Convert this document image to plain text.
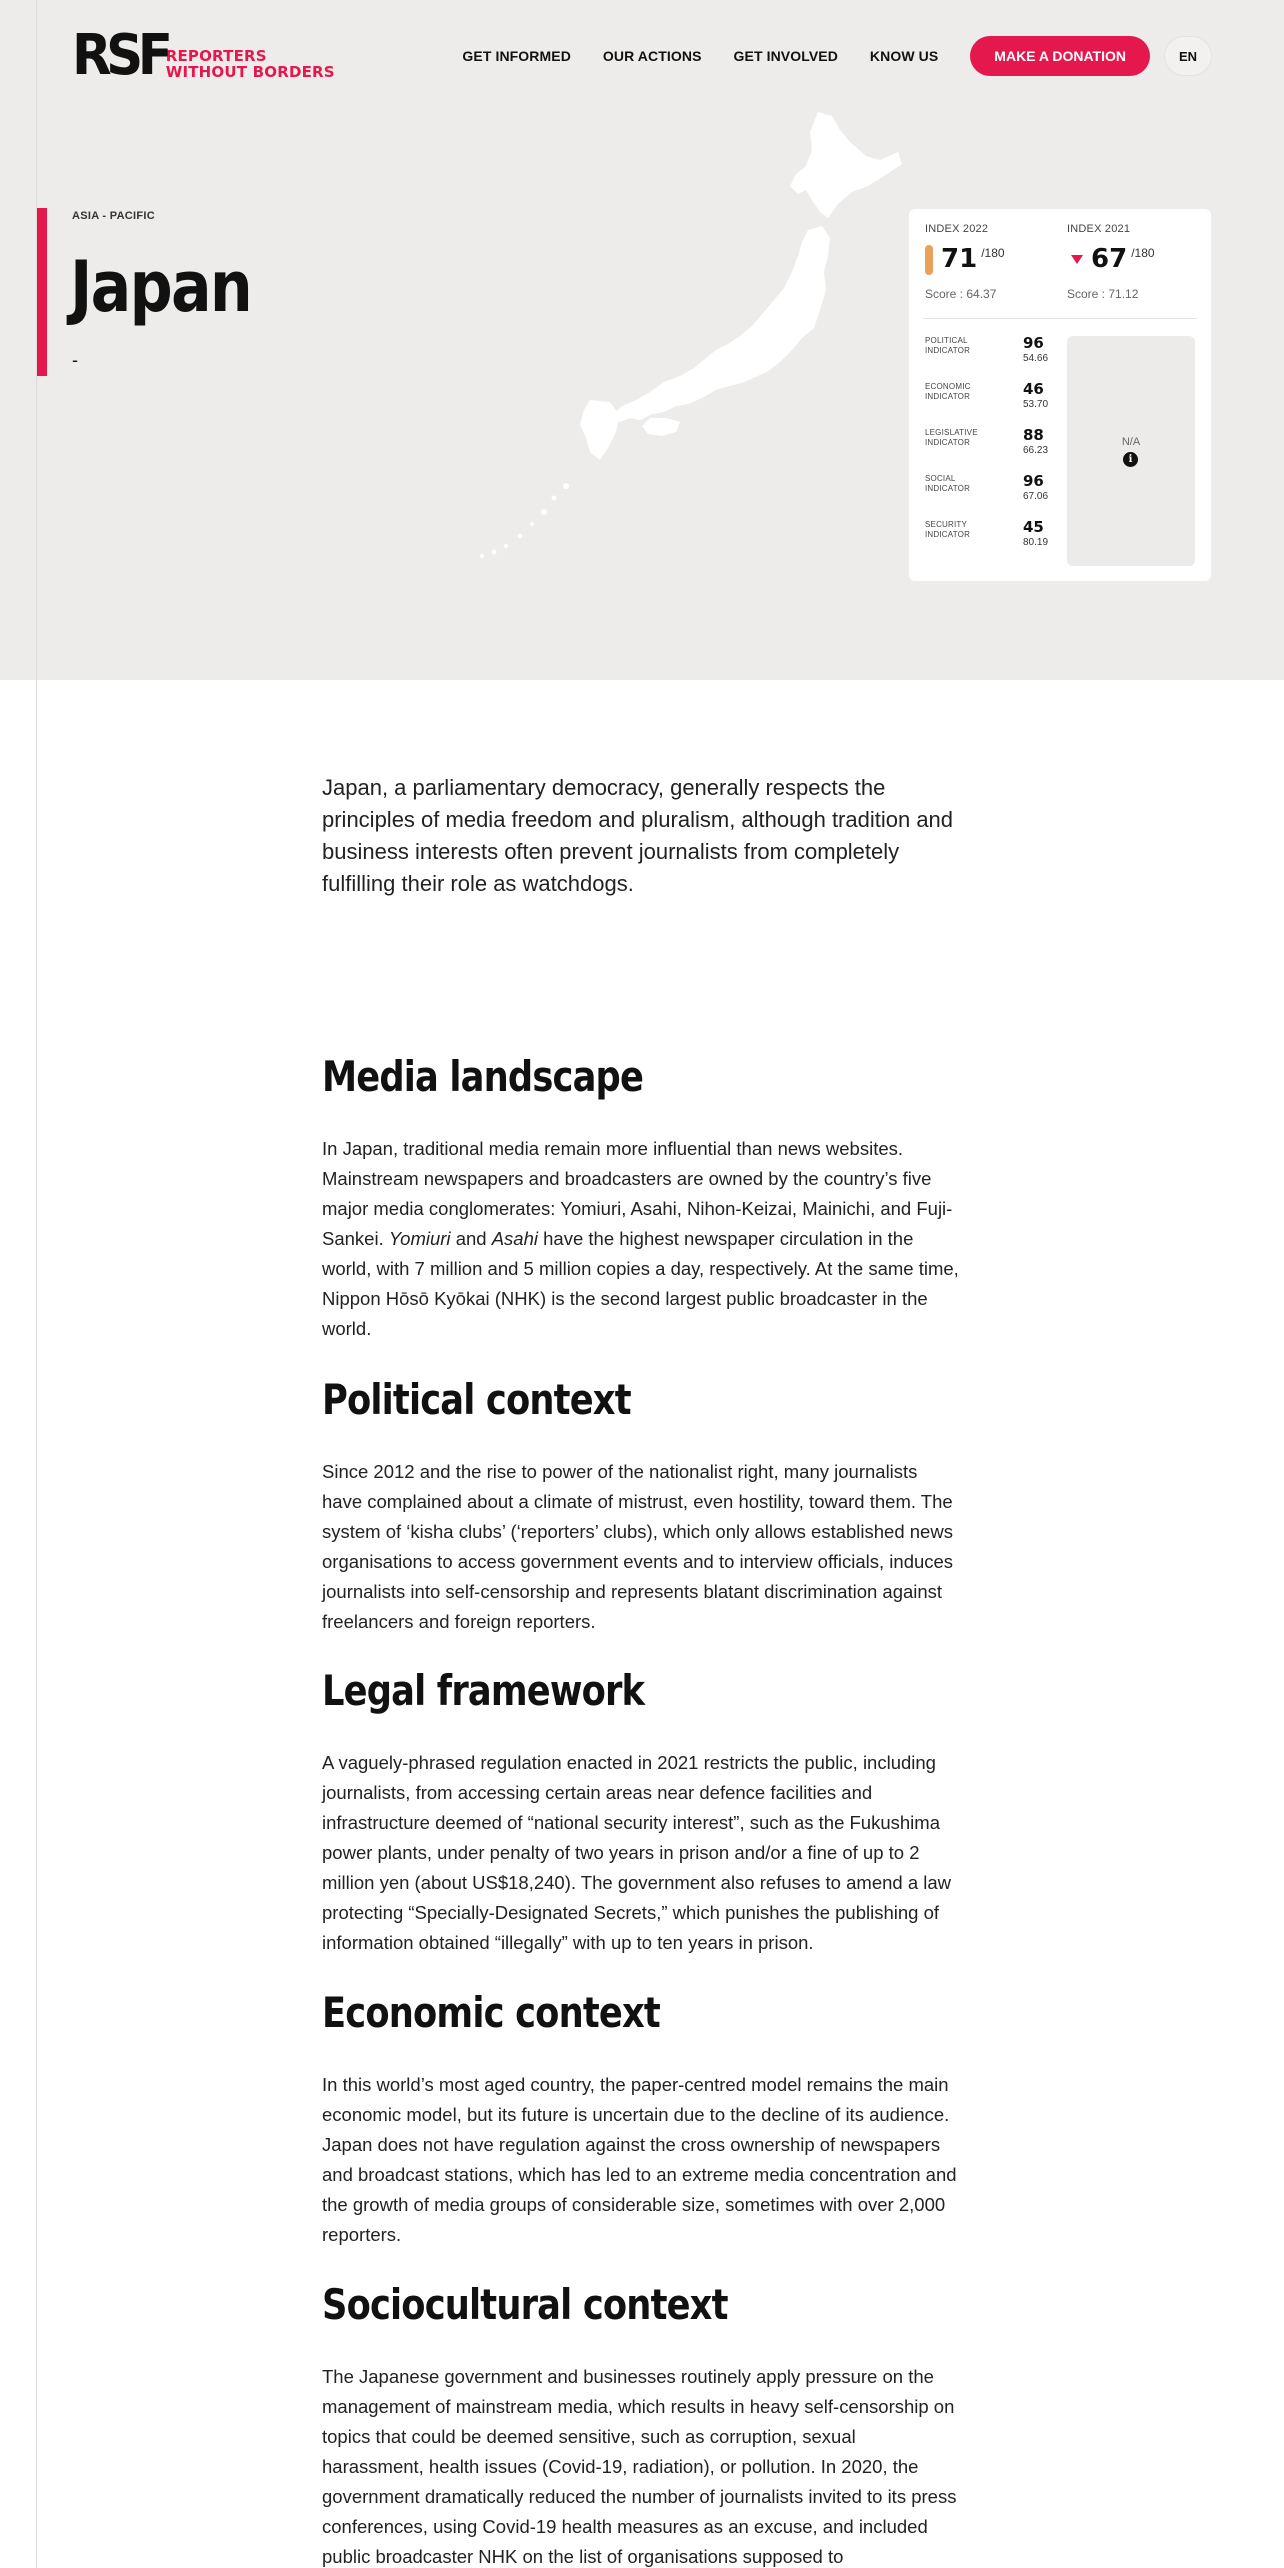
RSF
REPORTERS
WITHOUT BORDERS
GET INFORMED OUR ACTIONS GET INVOLVED KNOW US	MAKE A DONATION	EN
ASIA - PACIFIC
Japan
-
INDEX 2022
71 /180
Score : 64.37
INDEX 2021
67 /180
Score : 71.12
POLITICAL INDICATOR	96
54.66
ECONOMIC INDICATOR	46
53.70
LEGISLATIVE INDICATOR	88
66.23
SOCIAL INDICATOR	96
67.06
SECURITY INDICATOR	45
80.19
N/A
i

Japan, a parliamentary democracy, generally respects the principles of media freedom and pluralism, although tradition and business interests often prevent journalists from completely fulfilling their role as watchdogs.

Media landscape

In Japan, traditional media remain more influential than news websites. Mainstream newspapers and broadcasters are owned by the country’s five major media conglomerates: Yomiuri, Asahi, Nihon-Keizai, Mainichi, and Fuji-Sankei. Yomiuri and Asahi have the highest newspaper circulation in the world, with 7 million and 5 million copies a day, respectively. At the same time, Nippon Hōsō Kyōkai (NHK) is the second largest public broadcaster in the world.

Political context

Since 2012 and the rise to power of the nationalist right, many journalists have complained about a climate of mistrust, even hostility, toward them. The system of ‘kisha clubs’ (‘reporters’ clubs), which only allows established news organisations to access government events and to interview officials, induces journalists into self-censorship and represents blatant discrimination against freelancers and foreign reporters.

Legal framework

A vaguely-phrased regulation enacted in 2021 restricts the public, including journalists, from accessing certain areas near defence facilities and infrastructure deemed of “national security interest”, such as the Fukushima power plants, under penalty of two years in prison and/or a fine of up to 2 million yen (about US$18,240). The government also refuses to amend a law protecting “Specially-Designated Secrets,” which punishes the publishing of information obtained “illegally” with up to ten years in prison.

Economic context

In this world’s most aged country, the paper-centred model remains the main economic model, but its future is uncertain due to the decline of its audience. Japan does not have regulation against the cross ownership of newspapers and broadcast stations, which has led to an extreme media concentration and the growth of media groups of considerable size, sometimes with over 2,000 reporters.

Sociocultural context

The Japanese government and businesses routinely apply pressure on the management of mainstream media, which results in heavy self-censorship on topics that could be deemed sensitive, such as corruption, sexual harassment, health issues (Covid-19, radiation), or pollution. In 2020, the government dramatically reduced the number of journalists invited to its press conferences, using Covid-19 health measures as an excuse, and included public broadcaster NHK on the list of organisations supposed to
